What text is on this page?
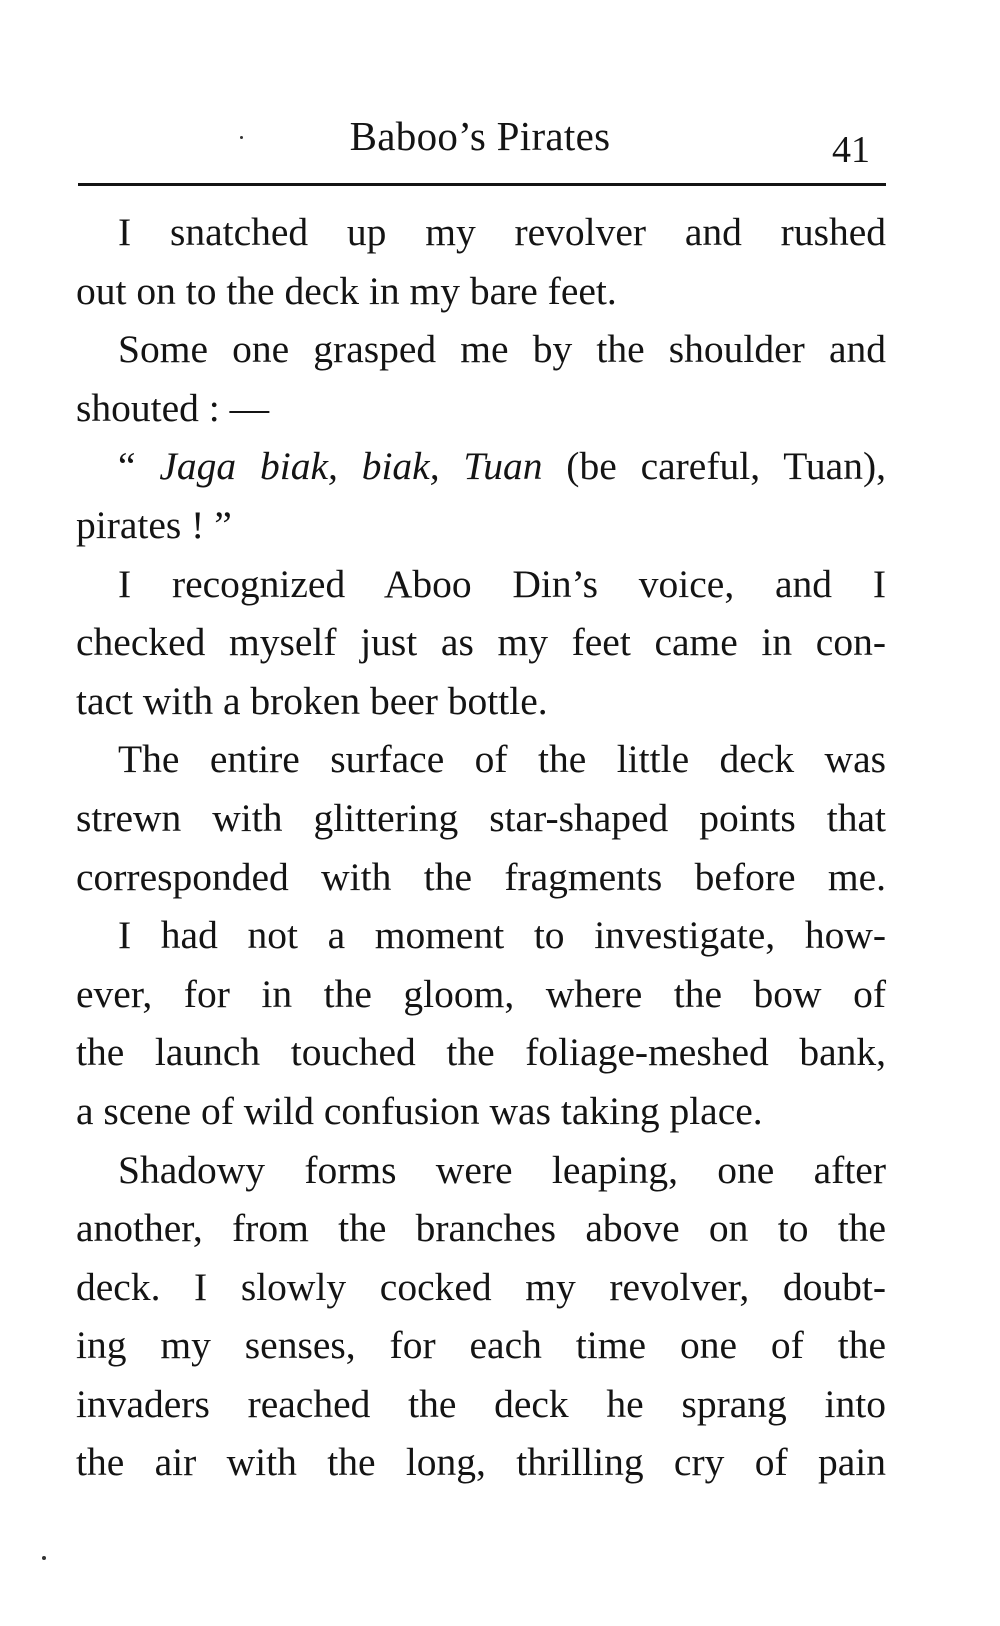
Baboo’s Pirates	41
I snatched up my revolver and rushed
out on to the deck in my bare feet.
Some one grasped me by the shoulder and
shouted : —
“ Jaga biak, biak, Tuan (be careful, Tuan),
pirates ! ”
I recognized Aboo Din’s voice, and I
checked myself just as my feet came in con-
tact with a broken beer bottle.
The entire surface of the little deck was
strewn with glittering star-shaped points that
corresponded with the fragments before me.
I had not a moment to investigate, how-
ever, for in the gloom, where the bow of
the launch touched the foliage-meshed bank,
a scene of wild confusion was taking place.
Shadowy forms were leaping, one after
another, from the branches above on to the
deck. I slowly cocked my revolver, doubt-
ing my senses, for each time one of the
invaders reached the deck he sprang into
the air with the long, thrilling cry of pain
